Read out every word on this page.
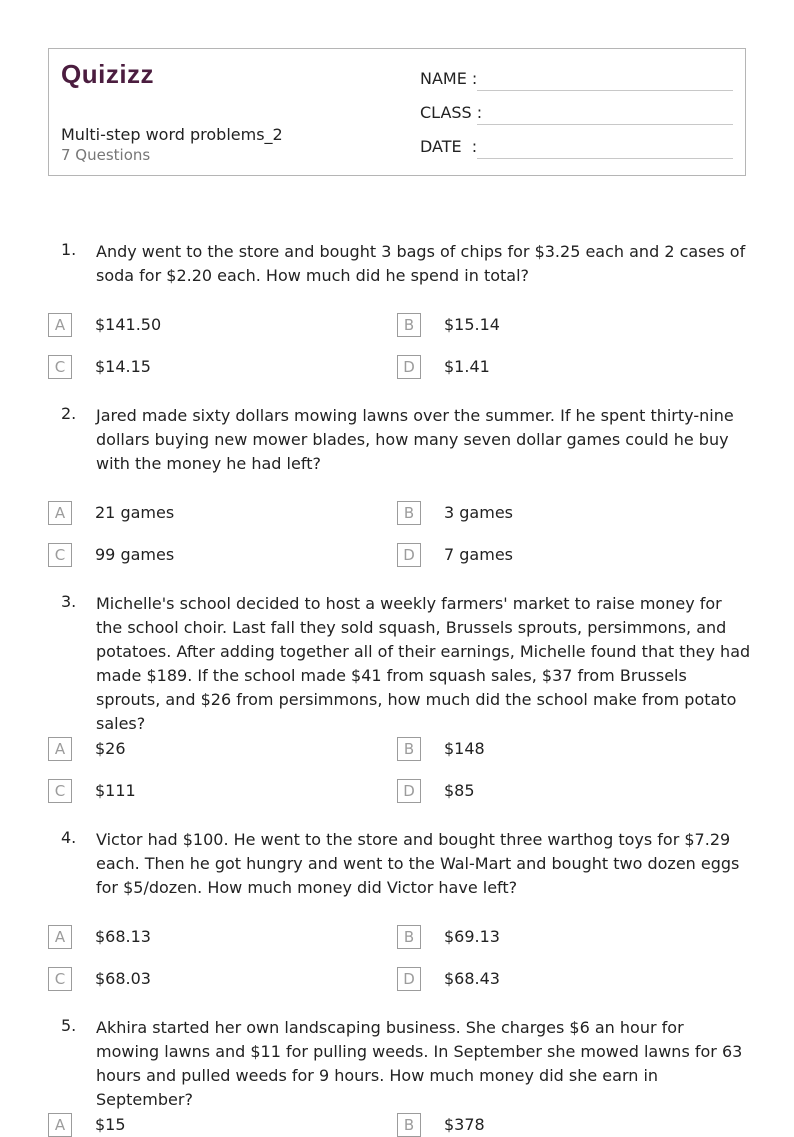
Quizizz
Multi-step word problems_2
7 Questions
NAME :
CLASS :
DATE  :
1. Andy went to the store and bought 3 bags of chips for $3.25 each and 2 cases of soda for $2.20 each. How much did he spend in total?
A	$141.50	B	$15.14
C	$14.15	D	$1.41
2. Jared made sixty dollars mowing lawns over the summer. If he spent thirty-nine dollars buying new mower blades, how many seven dollar games could he buy with the money he had left?
A	21 games	B	3 games
C	99 games	D	7 games
3. Michelle's school decided to host a weekly farmers' market to raise money for the school choir. Last fall they sold squash, Brussels sprouts, persimmons, and potatoes. After adding together all of their earnings, Michelle found that they had made $189. If the school made $41 from squash sales, $37 from Brussels sprouts, and $26 from persimmons, how much did the school make from potato sales?
A	$26	B	$148
C	$111	D	$85
4. Victor had $100. He went to the store and bought three warthog toys for $7.29 each. Then he got hungry and went to the Wal-Mart and bought two dozen eggs for $5/dozen. How much money did Victor have left?
A	$68.13	B	$69.13
C	$68.03	D	$68.43
5. Akhira started her own landscaping business. She charges $6 an hour for mowing lawns and $11 for pulling weeds. In September she mowed lawns for 63 hours and pulled weeds for 9 hours. How much money did she earn in September?
A	$15	B	$378
